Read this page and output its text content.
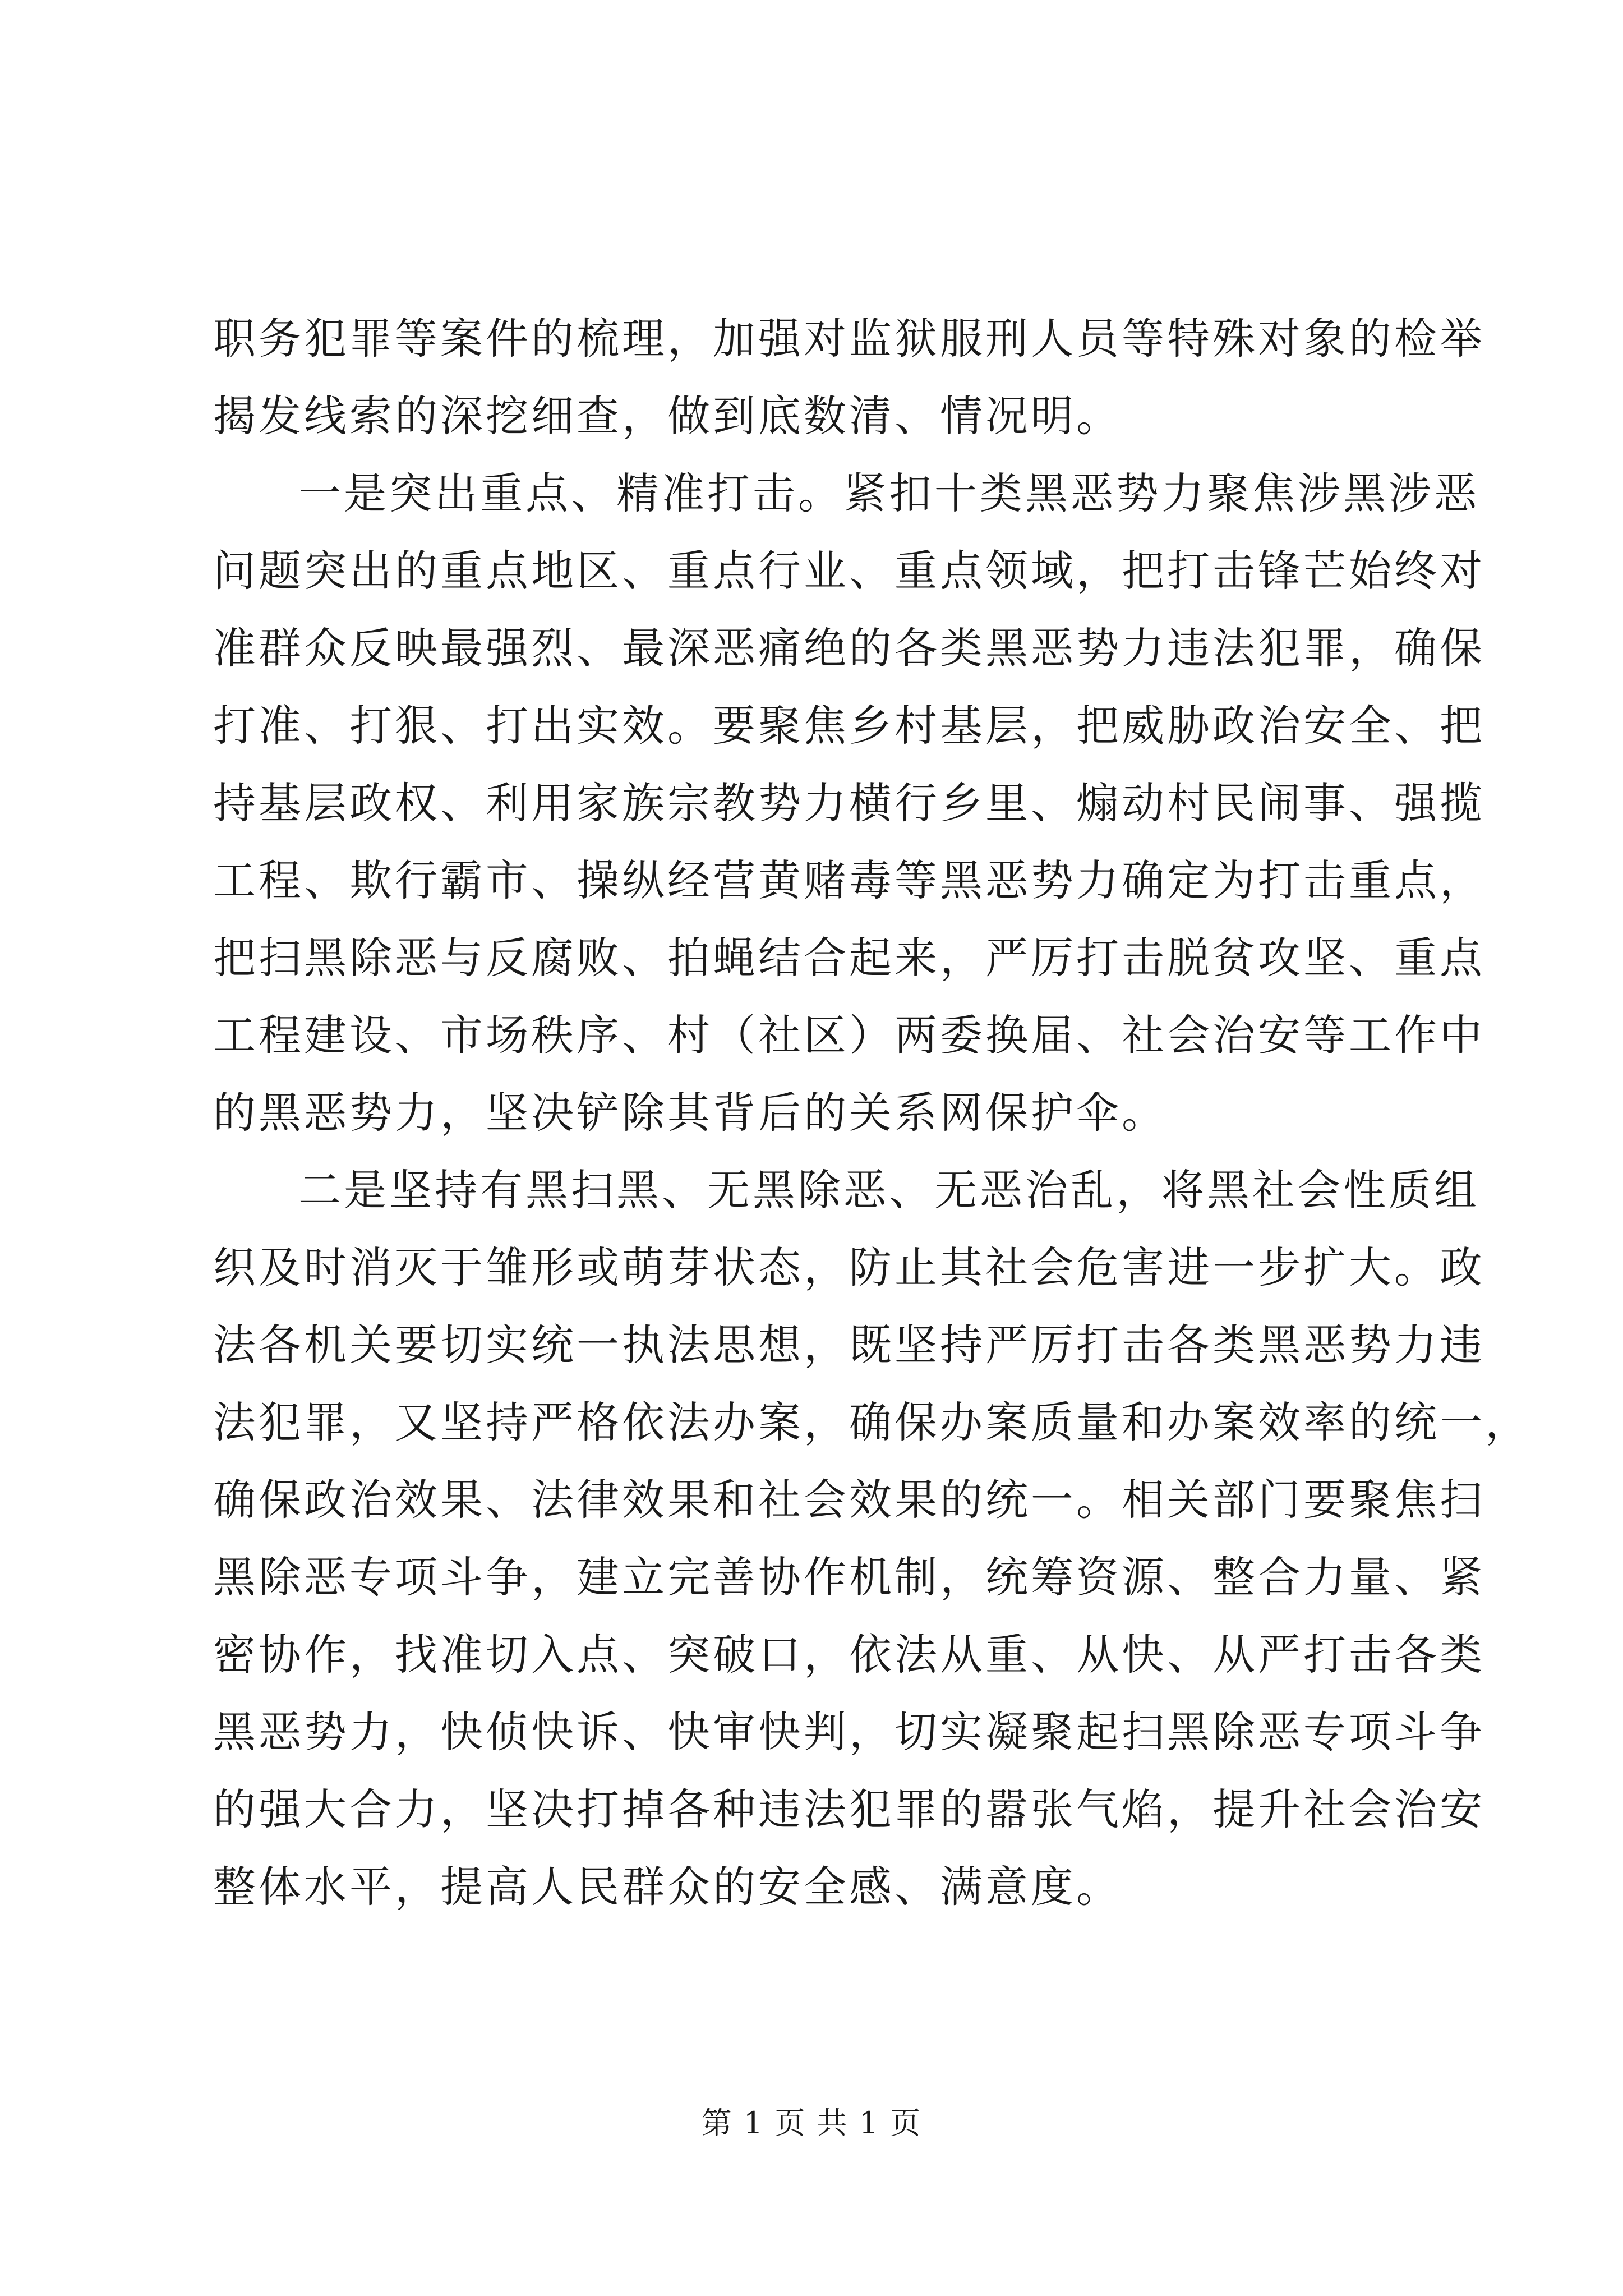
职务犯罪等案件的梳理，加强对监狱服刑人员等特殊对象的检举
揭发线索的深挖细查，做到底数清、情况明。
一是突出重点、精准打击。紧扣十类黑恶势力聚焦涉黑涉恶
问题突出的重点地区、重点行业、重点领域，把打击锋芒始终对
准群众反映最强烈、最深恶痛绝的各类黑恶势力违法犯罪，确保
打准、打狠、打出实效。要聚焦乡村基层，把威胁政治安全、把
持基层政权、利用家族宗教势力横行乡里、煽动村民闹事、强揽
工程、欺行霸市、操纵经营黄赌毒等黑恶势力确定为打击重点，
把扫黑除恶与反腐败、拍蝇结合起来，严厉打击脱贫攻坚、重点
工程建设、市场秩序、村（社区）两委换届、社会治安等工作中
的黑恶势力，坚决铲除其背后的关系网保护伞。
二是坚持有黑扫黑、无黑除恶、无恶治乱，将黑社会性质组
织及时消灭于雏形或萌芽状态，防止其社会危害进一步扩大。政
法各机关要切实统一执法思想，既坚持严厉打击各类黑恶势力违
法犯罪，又坚持严格依法办案，确保办案质量和办案效率的统一，
确保政治效果、法律效果和社会效果的统一。相关部门要聚焦扫
黑除恶专项斗争，建立完善协作机制，统筹资源、整合力量、紧
密协作，找准切入点、突破口，依法从重、从快、从严打击各类
黑恶势力，快侦快诉、快审快判，切实凝聚起扫黑除恶专项斗争
的强大合力，坚决打掉各种违法犯罪的嚣张气焰，提升社会治安
整体水平，提高人民群众的安全感、满意度。
第 1 页 共 1 页
